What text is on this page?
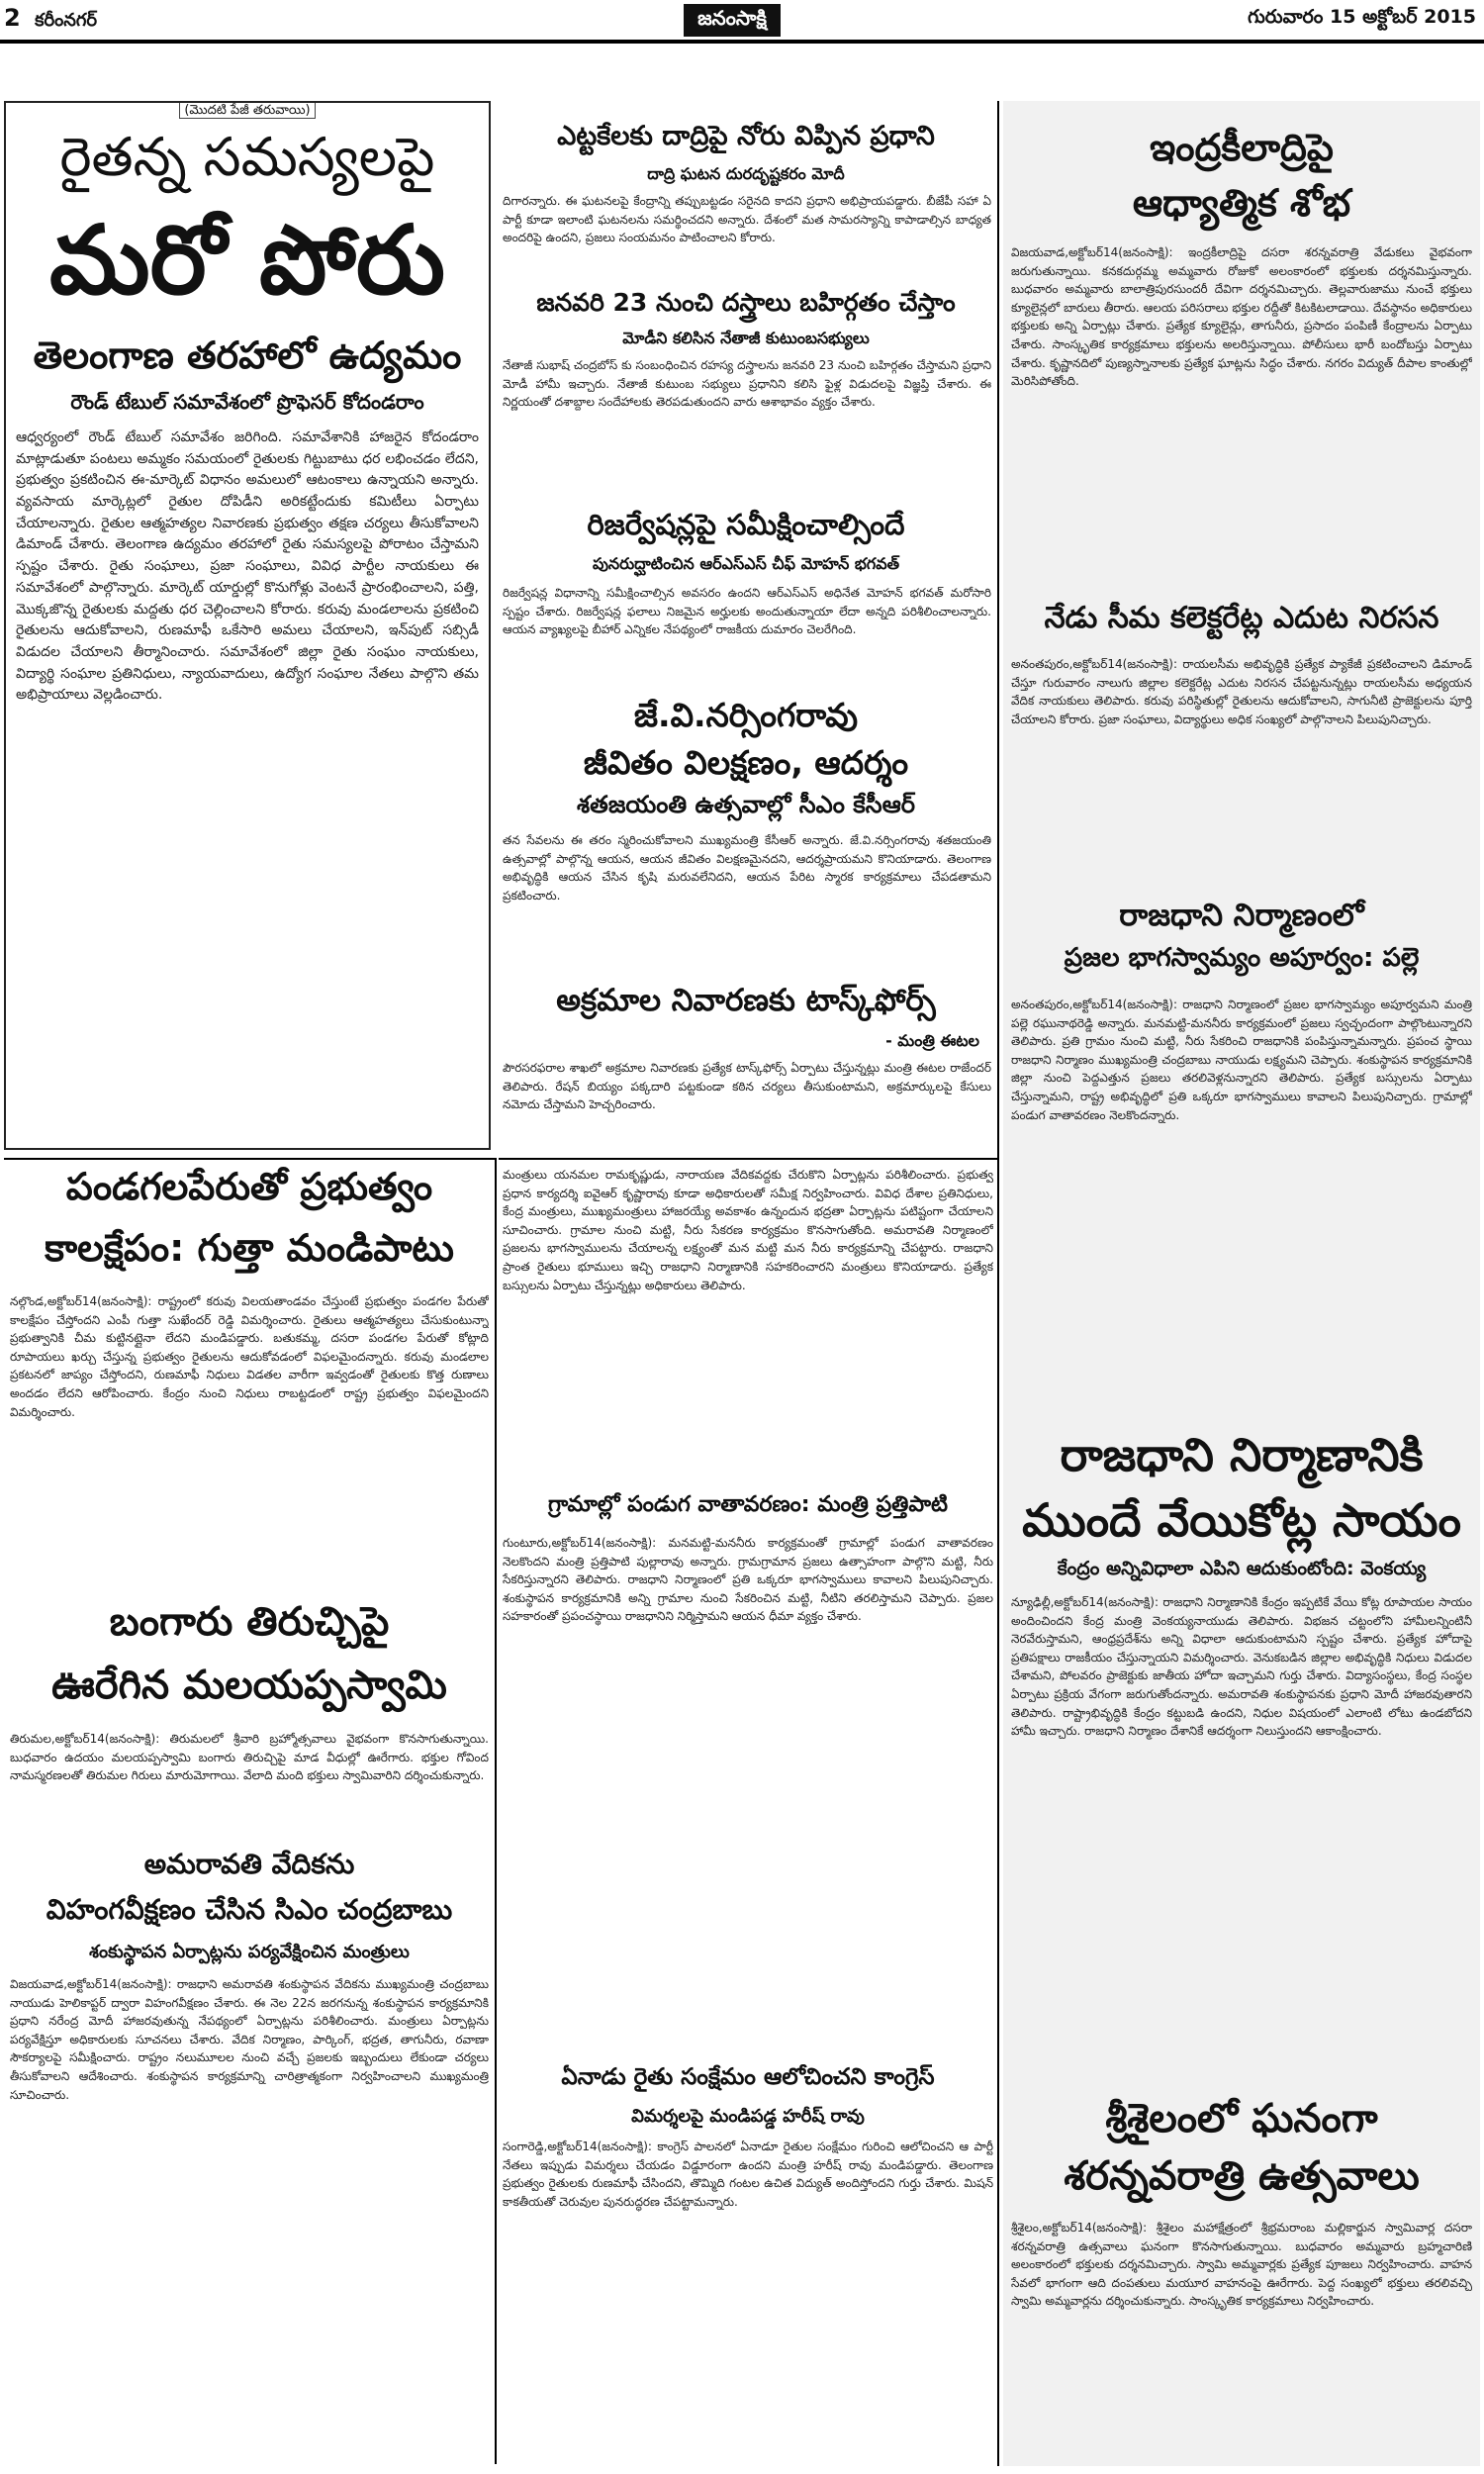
2 కరీంనగర్	జనంసాక్షి	గురువారం 15 అక్టోబర్ 2015
(మొదటి పేజీ తరువాయి)
రైతన్న సమస్యలపై
మరో పోరు
తెలంగాణ తరహాలో ఉద్యమం
రౌండ్ టేబుల్ సమావేశంలో ప్రొఫెసర్ కోదండరాం
ఆధ్వర్యంలో రౌండ్ టేబుల్ సమావేశం జరిగింది. సమావేశానికి హాజరైన కోదండరాం మాట్లాడుతూ పంటలు అమ్మకం సమయంలో రైతులకు గిట్టుబాటు ధర లభించడం లేదని, ప్రభుత్వం ప్రకటించిన ఈ-మార్కెట్ విధానం అమలులో ఆటంకాలు ఉన్నాయని అన్నారు. వ్యవసాయ మార్కెట్లలో రైతుల దోపిడీని అరికట్టేందుకు కమిటీలు ఏర్పాటు చేయాలన్నారు. రైతుల ఆత్మహత్యల నివారణకు ప్రభుత్వం తక్షణ చర్యలు తీసుకోవాలని డిమాండ్ చేశారు. తెలంగాణ ఉద్యమం తరహాలో రైతు సమస్యలపై పోరాటం చేస్తామని స్పష్టం చేశారు. రైతు సంఘాలు, ప్రజా సంఘాలు, వివిధ పార్టీల నాయకులు ఈ సమావేశంలో పాల్గొన్నారు. మార్కెట్ యార్డుల్లో కొనుగోళ్లు వెంటనే ప్రారంభించాలని, పత్తి, మొక్కజొన్న రైతులకు మద్దతు ధర చెల్లించాలని కోరారు. కరువు మండలాలను ప్రకటించి రైతులను ఆదుకోవాలని, రుణమాఫీ ఒకేసారి అమలు చేయాలని, ఇన్‌పుట్ సబ్సిడీ విడుదల చేయాలని తీర్మానించారు. సమావేశంలో జిల్లా రైతు సంఘం నాయకులు, విద్యార్థి సంఘాల ప్రతినిధులు, న్యాయవాదులు, ఉద్యోగ సంఘాల నేతలు పాల్గొని తమ అభిప్రాయాలు వెల్లడించారు.
ఎట్టకేలకు దాద్రిపై నోరు విప్పిన ప్రధాని
దాద్రి ఘటన దురదృష్టకరం మోదీ
దిగారన్నారు. ఈ ఘటనలపై కేంద్రాన్ని తప్పుబట్టడం సరైనది కాదని ప్రధాని అభిప్రాయపడ్డారు. బీజేపీ సహా ఏ పార్టీ కూడా ఇలాంటి ఘటనలను సమర్థించదని అన్నారు. దేశంలో మత సామరస్యాన్ని కాపాడాల్సిన బాధ్యత అందరిపై ఉందని, ప్రజలు సంయమనం పాటించాలని కోరారు.
జనవరి 23 నుంచి దస్త్రాలు బహిర్గతం చేస్తాం
మోడీని కలిసిన నేతాజీ కుటుంబసభ్యులు
నేతాజీ సుభాష్ చంద్రబోస్ కు సంబంధించిన రహస్య దస్త్రాలను జనవరి 23 నుంచి బహిర్గతం చేస్తామని ప్రధాని మోడీ హామీ ఇచ్చారు. నేతాజీ కుటుంబ సభ్యులు ప్రధానిని కలిసి ఫైళ్ల విడుదలపై విజ్ఞప్తి చేశారు. ఈ నిర్ణయంతో దశాబ్దాల సందేహాలకు తెరపడుతుందని వారు ఆశాభావం వ్యక్తం చేశారు.
రిజర్వేషన్లపై సమీక్షించాల్సిందే
పునరుద్ఘాటించిన ఆర్ఎస్ఎస్ చీఫ్ మోహన్ భగవత్
రిజర్వేషన్ల విధానాన్ని సమీక్షించాల్సిన అవసరం ఉందని ఆర్ఎస్ఎస్ అధినేత మోహన్ భగవత్ మరోసారి స్పష్టం చేశారు. రిజర్వేషన్ల ఫలాలు నిజమైన అర్హులకు అందుతున్నాయా లేదా అన్నది పరిశీలించాలన్నారు. ఆయన వ్యాఖ్యలపై బీహార్ ఎన్నికల నేపథ్యంలో రాజకీయ దుమారం చెలరేగింది.
జే.వి.నర్సింగరావు
జీవితం విలక్షణం, ఆదర్శం
శతజయంతి ఉత్సవాల్లో సీఎం కేసీఆర్
తన సేవలను ఈ తరం స్మరించుకోవాలని ముఖ్యమంత్రి కేసీఆర్ అన్నారు. జే.వి.నర్సింగరావు శతజయంతి ఉత్సవాల్లో పాల్గొన్న ఆయన, ఆయన జీవితం విలక్షణమైనదని, ఆదర్శప్రాయమని కొనియాడారు. తెలంగాణ అభివృద్ధికి ఆయన చేసిన కృషి మరువలేనిదని, ఆయన పేరిట స్మారక కార్యక్రమాలు చేపడతామని ప్రకటించారు.
అక్రమాల నివారణకు టాస్క్‌ఫోర్స్
- మంత్రి ఈటల
పౌరసరఫరాల శాఖలో అక్రమాల నివారణకు ప్రత్యేక టాస్క్‌ఫోర్స్ ఏర్పాటు చేస్తున్నట్లు మంత్రి ఈటల రాజేందర్ తెలిపారు. రేషన్ బియ్యం పక్కదారి పట్టకుండా కఠిన చర్యలు తీసుకుంటామని, అక్రమార్కులపై కేసులు నమోదు చేస్తామని హెచ్చరించారు.
ఇంద్రకీలాద్రిపై
ఆధ్యాత్మిక శోభ
విజయవాడ,అక్టోబర్14(జనంసాక్షి): ఇంద్రకీలాద్రిపై దసరా శరన్నవరాత్రి వేడుకలు వైభవంగా జరుగుతున్నాయి. కనకదుర్గమ్మ అమ్మవారు రోజుకో అలంకారంలో భక్తులకు దర్శనమిస్తున్నారు. బుధవారం అమ్మవారు బాలాత్రిపురసుందరీ దేవిగా దర్శనమిచ్చారు. తెల్లవారుజాము నుంచే భక్తులు క్యూలైన్లలో బారులు తీరారు. ఆలయ పరిసరాలు భక్తుల రద్దీతో కిటకిటలాడాయి. దేవస్థానం అధికారులు భక్తులకు అన్ని ఏర్పాట్లు చేశారు. ప్రత్యేక క్యూలైన్లు, తాగునీరు, ప్రసాదం పంపిణీ కేంద్రాలను ఏర్పాటు చేశారు. సాంస్కృతిక కార్యక్రమాలు భక్తులను అలరిస్తున్నాయి. పోలీసులు భారీ బందోబస్తు ఏర్పాటు చేశారు. కృష్ణానదిలో పుణ్యస్నానాలకు ప్రత్యేక ఘాట్లను సిద్ధం చేశారు. నగరం విద్యుత్ దీపాల కాంతుల్లో మెరిసిపోతోంది.
నేడు సీమ కలెక్టరేట్ల ఎదుట నిరసన
అనంతపురం,అక్టోబర్14(జనంసాక్షి): రాయలసీమ అభివృద్ధికి ప్రత్యేక ప్యాకేజీ ప్రకటించాలని డిమాండ్ చేస్తూ గురువారం నాలుగు జిల్లాల కలెక్టరేట్ల ఎదుట నిరసన చేపట్టనున్నట్లు రాయలసీమ అధ్యయన వేదిక నాయకులు తెలిపారు. కరువు పరిస్థితుల్లో రైతులను ఆదుకోవాలని, సాగునీటి ప్రాజెక్టులను పూర్తి చేయాలని కోరారు. ప్రజా సంఘాలు, విద్యార్థులు అధిక సంఖ్యలో పాల్గొనాలని పిలుపునిచ్చారు.
రాజధాని నిర్మాణంలో
ప్రజల భాగస్వామ్యం అపూర్వం: పల్లె
అనంతపురం,అక్టోబర్14(జనంసాక్షి): రాజధాని నిర్మాణంలో ప్రజల భాగస్వామ్యం అపూర్వమని మంత్రి పల్లె రఘునాథరెడ్డి అన్నారు. మనమట్టి-మననీరు కార్యక్రమంలో ప్రజలు స్వచ్ఛందంగా పాల్గొంటున్నారని తెలిపారు. ప్రతి గ్రామం నుంచి మట్టి, నీరు సేకరించి రాజధానికి పంపిస్తున్నామన్నారు. ప్రపంచ స్థాయి రాజధాని నిర్మాణం ముఖ్యమంత్రి చంద్రబాబు నాయుడు లక్ష్యమని చెప్పారు. శంకుస్థాపన కార్యక్రమానికి జిల్లా నుంచి పెద్దఎత్తున ప్రజలు తరలివెళ్లనున్నారని తెలిపారు. ప్రత్యేక బస్సులను ఏర్పాటు చేస్తున్నామని, రాష్ట్ర అభివృద్ధిలో ప్రతి ఒక్కరూ భాగస్వాములు కావాలని పిలుపునిచ్చారు. గ్రామాల్లో పండుగ వాతావరణం నెలకొందన్నారు.
రాజధాని నిర్మాణానికి
ముందే వేయికోట్ల సాయం
కేంద్రం అన్నివిధాలా ఎపిని ఆదుకుంటోంది: వెంకయ్య
న్యూఢిల్లీ,అక్టోబర్14(జనంసాక్షి): రాజధాని నిర్మాణానికి కేంద్రం ఇప్పటికే వేయి కోట్ల రూపాయల సాయం అందించిందని కేంద్ర మంత్రి వెంకయ్యనాయుడు తెలిపారు. విభజన చట్టంలోని హామీలన్నింటినీ నెరవేరుస్తామని, ఆంధ్రప్రదేశ్‌ను అన్ని విధాలా ఆదుకుంటామని స్పష్టం చేశారు. ప్రత్యేక హోదాపై ప్రతిపక్షాలు రాజకీయం చేస్తున్నాయని విమర్శించారు. వెనుకబడిన జిల్లాల అభివృద్ధికి నిధులు విడుదల చేశామని, పోలవరం ప్రాజెక్టుకు జాతీయ హోదా ఇచ్చామని గుర్తు చేశారు. విద్యాసంస్థలు, కేంద్ర సంస్థల ఏర్పాటు ప్రక్రియ వేగంగా జరుగుతోందన్నారు. అమరావతి శంకుస్థాపనకు ప్రధాని మోదీ హాజరవుతారని తెలిపారు. రాష్ట్రాభివృద్ధికి కేంద్రం కట్టుబడి ఉందని, నిధుల విషయంలో ఎలాంటి లోటు ఉండబోదని హామీ ఇచ్చారు. రాజధాని నిర్మాణం దేశానికే ఆదర్శంగా నిలుస్తుందని ఆకాంక్షించారు.
శ్రీశైలంలో ఘనంగా
శరన్నవరాత్రి ఉత్సవాలు
శ్రీశైలం,అక్టోబర్14(జనంసాక్షి): శ్రీశైలం మహాక్షేత్రంలో శ్రీభ్రమరాంబ మల్లికార్జున స్వామివార్ల దసరా శరన్నవరాత్రి ఉత్సవాలు ఘనంగా కొనసాగుతున్నాయి. బుధవారం అమ్మవారు బ్రహ్మచారిణి అలంకారంలో భక్తులకు దర్శనమిచ్చారు. స్వామి అమ్మవార్లకు ప్రత్యేక పూజలు నిర్వహించారు. వాహన సేవలో భాగంగా ఆది దంపతులు మయూర వాహనంపై ఊరేగారు. పెద్ద సంఖ్యలో భక్తులు తరలివచ్చి స్వామి అమ్మవార్లను దర్శించుకున్నారు. సాంస్కృతిక కార్యక్రమాలు నిర్వహించారు.
పండగలపేరుతో ప్రభుత్వం
కాలక్షేపం: గుత్తా మండిపాటు
నల్గొండ,అక్టోబర్14(జనంసాక్షి): రాష్ట్రంలో కరువు విలయతాండవం చేస్తుంటే ప్రభుత్వం పండగల పేరుతో కాలక్షేపం చేస్తోందని ఎంపీ గుత్తా సుఖేందర్ రెడ్డి విమర్శించారు. రైతులు ఆత్మహత్యలు చేసుకుంటున్నా ప్రభుత్వానికి చీమ కుట్టినట్లైనా లేదని మండిపడ్డారు. బతుకమ్మ, దసరా పండగల పేరుతో కోట్లాది రూపాయలు ఖర్చు చేస్తున్న ప్రభుత్వం రైతులను ఆదుకోవడంలో విఫలమైందన్నారు. కరువు మండలాల ప్రకటనలో జాప్యం చేస్తోందని, రుణమాఫీ నిధులు విడతల వారీగా ఇవ్వడంతో రైతులకు కొత్త రుణాలు అందడం లేదని ఆరోపించారు. కేంద్రం నుంచి నిధులు రాబట్టడంలో రాష్ట్ర ప్రభుత్వం విఫలమైందని విమర్శించారు.
బంగారు తిరుచ్చిపై
ఊరేగిన మలయప్పస్వామి
తిరుమల,అక్టోబర్14(జనంసాక్షి): తిరుమలలో శ్రీవారి బ్రహ్మోత్సవాలు వైభవంగా కొనసాగుతున్నాయి. బుధవారం ఉదయం మలయప్పస్వామి బంగారు తిరుచ్చిపై మాడ వీధుల్లో ఊరేగారు. భక్తుల గోవింద నామస్మరణలతో తిరుమల గిరులు మారుమోగాయి. వేలాది మంది భక్తులు స్వామివారిని దర్శించుకున్నారు.
అమరావతి వేదికను
విహంగవీక్షణం చేసిన సిఎం చంద్రబాబు
శంకుస్థాపన ఏర్పాట్లను పర్యవేక్షించిన మంత్రులు
విజయవాడ,అక్టోబర్14(జనంసాక్షి): రాజధాని అమరావతి శంకుస్థాపన వేదికను ముఖ్యమంత్రి చంద్రబాబు నాయుడు హెలికాప్టర్ ద్వారా విహంగవీక్షణం చేశారు. ఈ నెల 22న జరగనున్న శంకుస్థాపన కార్యక్రమానికి ప్రధాని నరేంద్ర మోదీ హాజరవుతున్న నేపథ్యంలో ఏర్పాట్లను పరిశీలించారు. మంత్రులు ఏర్పాట్లను పర్యవేక్షిస్తూ అధికారులకు సూచనలు చేశారు. వేదిక నిర్మాణం, పార్కింగ్, భద్రత, తాగునీరు, రవాణా సౌకర్యాలపై సమీక్షించారు. రాష్ట్రం నలుమూలల నుంచి వచ్చే ప్రజలకు ఇబ్బందులు లేకుండా చర్యలు తీసుకోవాలని ఆదేశించారు. శంకుస్థాపన కార్యక్రమాన్ని చారిత్రాత్మకంగా నిర్వహించాలని ముఖ్యమంత్రి సూచించారు.
మంత్రులు యనమల రామకృష్ణుడు, నారాయణ వేదికవద్దకు చేరుకొని ఏర్పాట్లను పరిశీలించారు. ప్రభుత్వ ప్రధాన కార్యదర్శి ఐవైఆర్ కృష్ణారావు కూడా అధికారులతో సమీక్ష నిర్వహించారు. వివిధ దేశాల ప్రతినిధులు, కేంద్ర మంత్రులు, ముఖ్యమంత్రులు హాజరయ్యే అవకాశం ఉన్నందున భద్రతా ఏర్పాట్లను పటిష్టంగా చేయాలని సూచించారు. గ్రామాల నుంచి మట్టి, నీరు సేకరణ కార్యక్రమం కొనసాగుతోంది. అమరావతి నిర్మాణంలో ప్రజలను భాగస్వాములను చేయాలన్న లక్ష్యంతో మన మట్టి మన నీరు కార్యక్రమాన్ని చేపట్టారు. రాజధాని ప్రాంత రైతులు భూములు ఇచ్చి రాజధాని నిర్మాణానికి సహకరించారని మంత్రులు కొనియాడారు. ప్రత్యేక బస్సులను ఏర్పాటు చేస్తున్నట్లు అధికారులు తెలిపారు.
గ్రామాల్లో పండుగ వాతావరణం: మంత్రి ప్రత్తిపాటి
గుంటూరు,అక్టోబర్14(జనంసాక్షి): మనమట్టి-మననీరు కార్యక్రమంతో గ్రామాల్లో పండుగ వాతావరణం నెలకొందని మంత్రి ప్రత్తిపాటి పుల్లారావు అన్నారు. గ్రామగ్రామాన ప్రజలు ఉత్సాహంగా పాల్గొని మట్టి, నీరు సేకరిస్తున్నారని తెలిపారు. రాజధాని నిర్మాణంలో ప్రతి ఒక్కరూ భాగస్వాములు కావాలని పిలుపునిచ్చారు. శంకుస్థాపన కార్యక్రమానికి అన్ని గ్రామాల నుంచి సేకరించిన మట్టి, నీటిని తరలిస్తామని చెప్పారు. ప్రజల సహకారంతో ప్రపంచస్థాయి రాజధానిని నిర్మిస్తామని ఆయన ధీమా వ్యక్తం చేశారు.
ఏనాడు రైతు సంక్షేమం ఆలోచించని కాంగ్రెస్
విమర్శలపై మండిపడ్డ హరీష్ రావు
సంగారెడ్డి,అక్టోబర్14(జనంసాక్షి): కాంగ్రెస్ పాలనలో ఏనాడూ రైతుల సంక్షేమం గురించి ఆలోచించని ఆ పార్టీ నేతలు ఇప్పుడు విమర్శలు చేయడం విడ్డూరంగా ఉందని మంత్రి హరీష్ రావు మండిపడ్డారు. తెలంగాణ ప్రభుత్వం రైతులకు రుణమాఫీ చేసిందని, తొమ్మిది గంటల ఉచిత విద్యుత్ అందిస్తోందని గుర్తు చేశారు. మిషన్ కాకతీయతో చెరువుల పునరుద్ధరణ చేపట్టామన్నారు.
